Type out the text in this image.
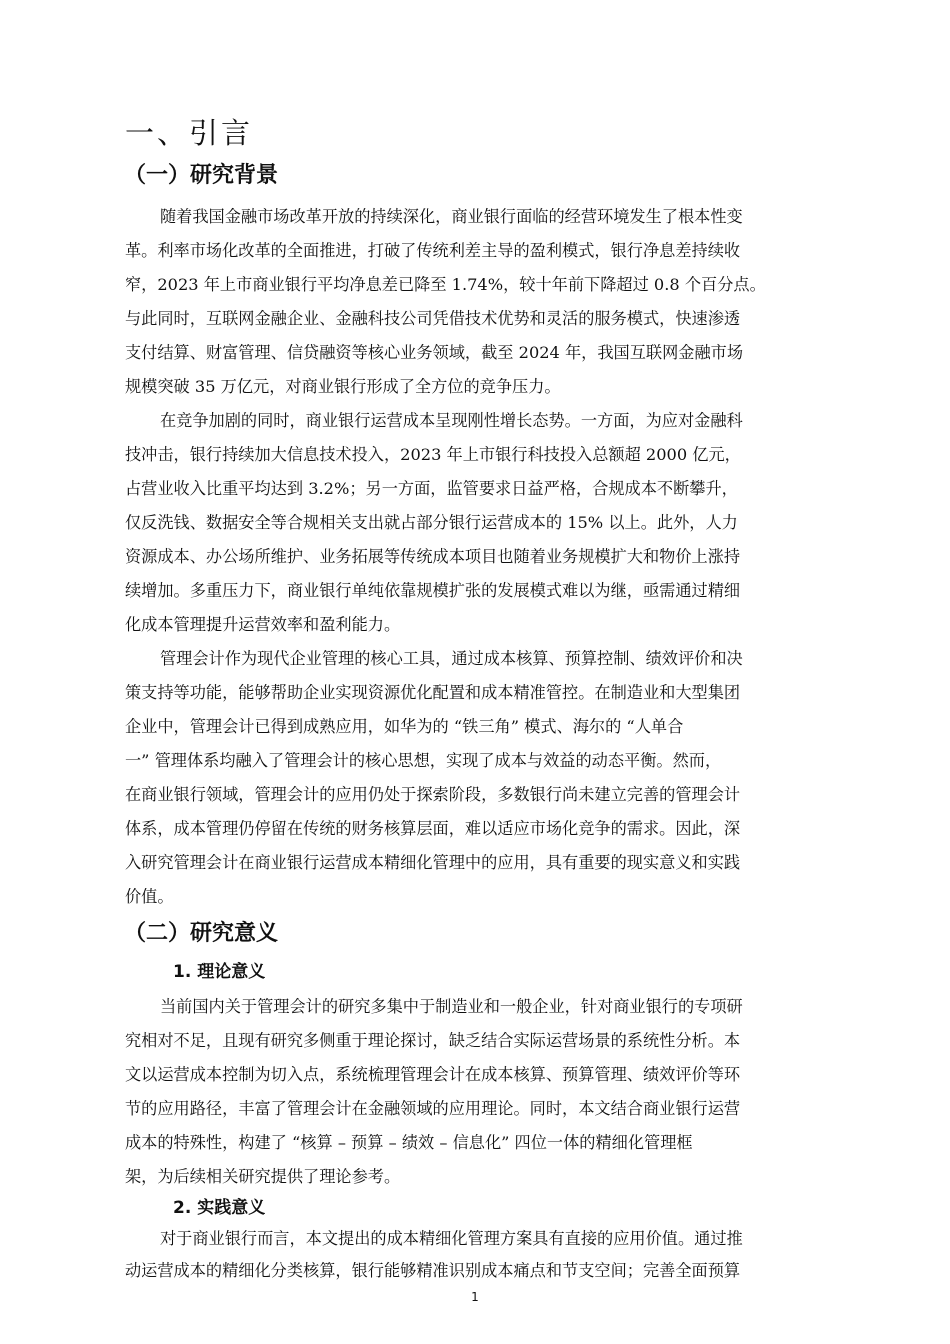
一、引言
（一）研究背景
随着我国金融市场改革开放的持续深化，商业银行面临的经营环境发生了根本性变
革。利率市场化改革的全面推进，打破了传统利差主导的盈利模式，银行净息差持续收
窄，2023 年上市商业银行平均净息差已降至 1.74%，较十年前下降超过 0.8 个百分点。
与此同时，互联网金融企业、金融科技公司凭借技术优势和灵活的服务模式，快速渗透
支付结算、财富管理、信贷融资等核心业务领域，截至 2024 年，我国互联网金融市场
规模突破 35 万亿元，对商业银行形成了全方位的竞争压力。
在竞争加剧的同时，商业银行运营成本呈现刚性增长态势。一方面，为应对金融科
技冲击，银行持续加大信息技术投入，2023 年上市银行科技投入总额超 2000 亿元，
占营业收入比重平均达到 3.2%；另一方面，监管要求日益严格，合规成本不断攀升，
仅反洗钱、数据安全等合规相关支出就占部分银行运营成本的 15% 以上。此外，人力
资源成本、办公场所维护、业务拓展等传统成本项目也随着业务规模扩大和物价上涨持
续增加。多重压力下，商业银行单纯依靠规模扩张的发展模式难以为继，亟需通过精细
化成本管理提升运营效率和盈利能力。
管理会计作为现代企业管理的核心工具，通过成本核算、预算控制、绩效评价和决
策支持等功能，能够帮助企业实现资源优化配置和成本精准管控。在制造业和大型集团
企业中，管理会计已得到成熟应用，如华为的 “铁三角” 模式、海尔的 “人单合
一” 管理体系均融入了管理会计的核心思想，实现了成本与效益的动态平衡。然而，
在商业银行领域，管理会计的应用仍处于探索阶段，多数银行尚未建立完善的管理会计
体系，成本管理仍停留在传统的财务核算层面，难以适应市场化竞争的需求。因此，深
入研究管理会计在商业银行运营成本精细化管理中的应用，具有重要的现实意义和实践
价值。
（二）研究意义
1. 理论意义
当前国内关于管理会计的研究多集中于制造业和一般企业，针对商业银行的专项研
究相对不足，且现有研究多侧重于理论探讨，缺乏结合实际运营场景的系统性分析。本
文以运营成本控制为切入点，系统梳理管理会计在成本核算、预算管理、绩效评价等环
节的应用路径，丰富了管理会计在金融领域的应用理论。同时，本文结合商业银行运营
成本的特殊性，构建了 “核算 – 预算 – 绩效 – 信息化” 四位一体的精细化管理框
架，为后续相关研究提供了理论参考。
2. 实践意义
对于商业银行而言，本文提出的成本精细化管理方案具有直接的应用价值。通过推
动运营成本的精细化分类核算，银行能够精准识别成本痛点和节支空间；完善全面预算
1
